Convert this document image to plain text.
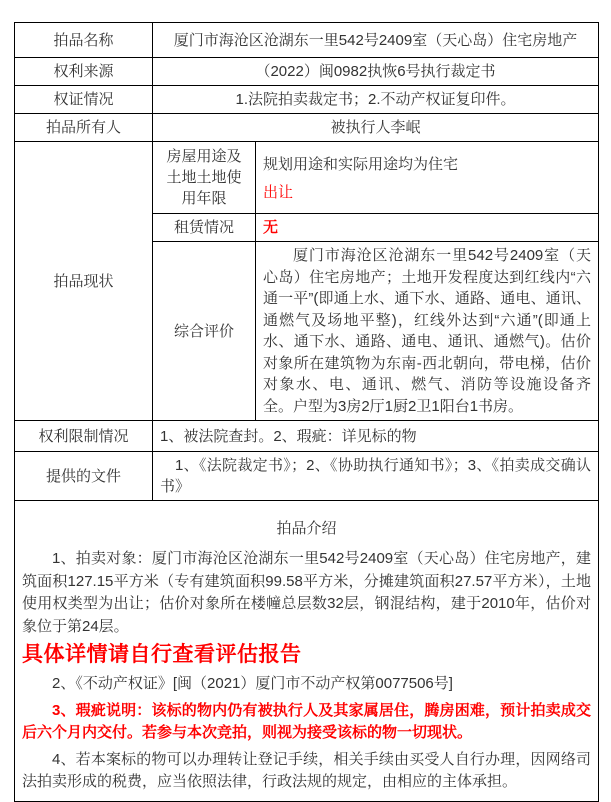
拍品名称	厦门市海沧区沧湖东一里542号2409室（天心岛）住宅房地产	
权利来源	（2022）闽0982执恢6号执行裁定书	
权证情况	1.法院拍卖裁定书；2.不动产权证复印件。	
拍品所有人	被执行人李岷	
拍品现状	房屋用途及土地土地使用年限	规划用途和实际用途均为住宅
出让

	租赁情况	无
	综合评价	厦门市海沧区沧湖东一里542号2409室（天心岛）住宅房地产；土地开发程度达到红线内“六通一平”(即通上水、通下水、通路、通电、通讯、通燃气及场地平整)，红线外达到“六通”(即通上水、通下水、通路、通电、通讯、通燃气)。估价对象所在建筑物为东南-西北朝向，带电梯，估价对象水、电、通讯、燃气、消防等设施设备齐全。户型为3房2厅1厨2卫1阳台1书房。

权利限制情况	1、被法院查封。2、瑕疵：详见标的物	
提供的文件	1、《法院裁定书》；2、《协助执行通知书》；3、《拍卖成交确认书》	

拍品介绍

1、拍卖对象：厦门市海沧区沧湖东一里542号2409室（天心岛）住宅房地产，建筑面积127.15平方米（专有建筑面积99.58平方米，分摊建筑面积27.57平方米），土地使用权类型为出让；估价对象所在楼幢总层数32层，钢混结构，建于2010年，估价对象位于第24层。

具体详情请自行查看评估报告

2、《不动产权证》[闽（2021）厦门市不动产权第0077506号]

3、瑕疵说明：该标的物内仍有被执行人及其家属居住，腾房困难，预计拍卖成交后六个月内交付。若参与本次竞拍，则视为接受该标的物一切现状。

4、若本案标的物可以办理转让登记手续，相关手续由买受人自行办理，因网络司法拍卖形成的税费，应当依照法律，行政法规的规定，由相应的主体承担。
